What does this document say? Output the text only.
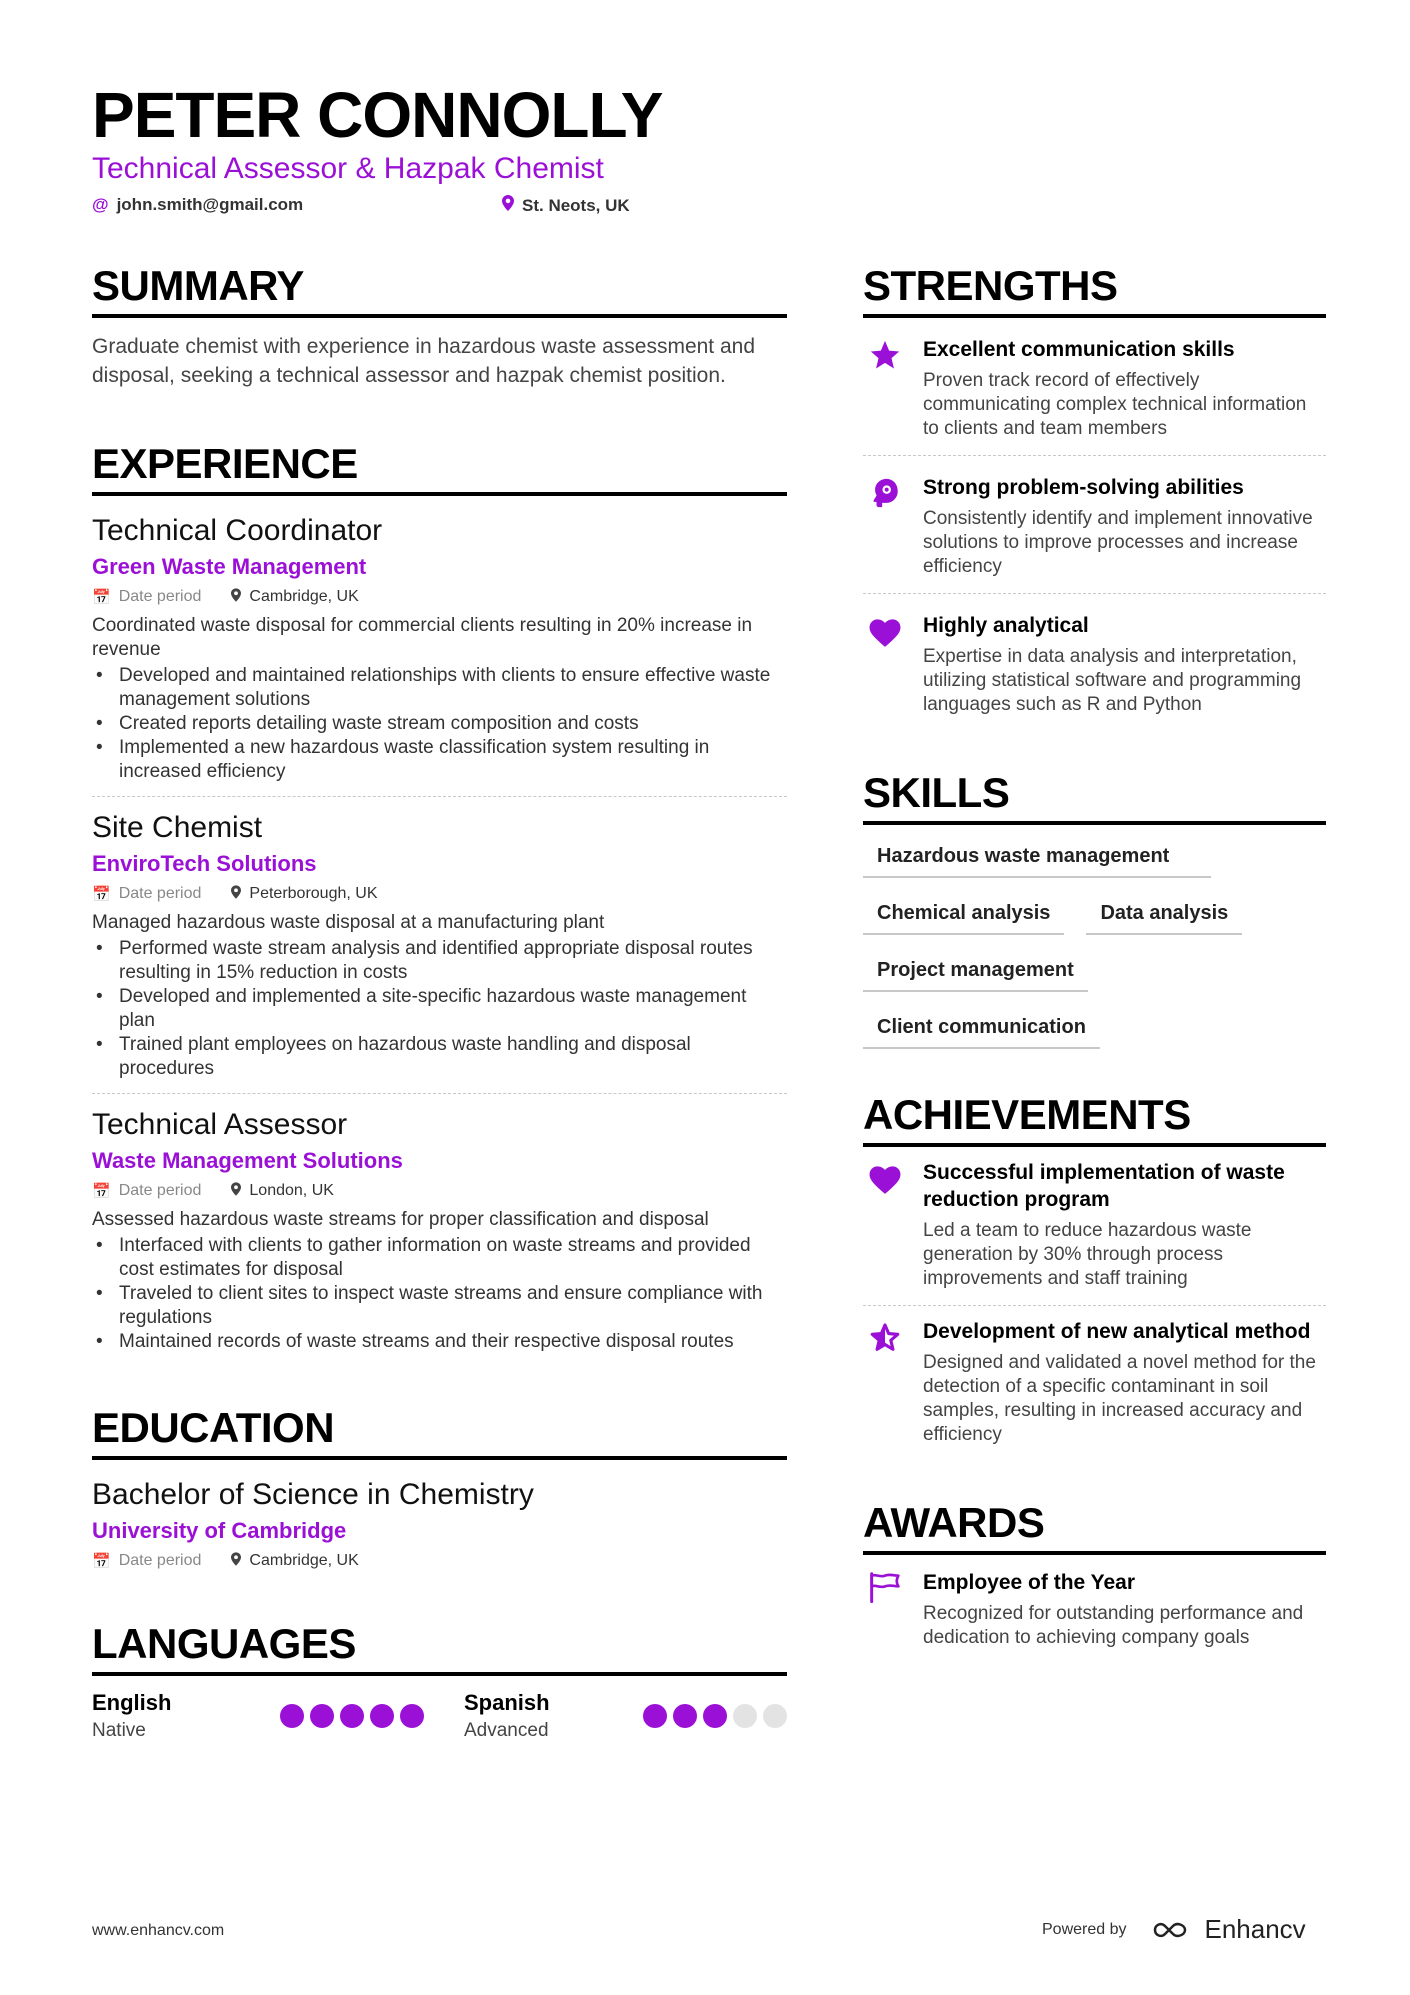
PETER CONNOLLY
Technical Assessor & Hazpak Chemist
@ john.smith@gmail.com	St. Neots, UK
SUMMARY
Graduate chemist with experience in hazardous waste assessment and disposal, seeking a technical assessor and hazpak chemist position.
EXPERIENCE
Technical Coordinator
Green Waste Management
📅 Date period	Cambridge, UK
Coordinated waste disposal for commercial clients resulting in 20% increase in revenue
• Developed and maintained relationships with clients to ensure effective waste management solutions
• Created reports detailing waste stream composition and costs
• Implemented a new hazardous waste classification system resulting in increased efficiency
Site Chemist
EnviroTech Solutions
📅 Date period	Peterborough, UK
Managed hazardous waste disposal at a manufacturing plant
• Performed waste stream analysis and identified appropriate disposal routes resulting in 15% reduction in costs
• Developed and implemented a site-specific hazardous waste management plan
• Trained plant employees on hazardous waste handling and disposal procedures
Technical Assessor
Waste Management Solutions
📅 Date period	London, UK
Assessed hazardous waste streams for proper classification and disposal
• Interfaced with clients to gather information on waste streams and provided cost estimates for disposal
• Traveled to client sites to inspect waste streams and ensure compliance with regulations
• Maintained records of waste streams and their respective disposal routes
EDUCATION
Bachelor of Science in Chemistry
University of Cambridge
📅 Date period	Cambridge, UK
LANGUAGES
English
Native
Spanish
Advanced
STRENGTHS
Excellent communication skills
Proven track record of effectively communicating complex technical information to clients and team members
Strong problem-solving abilities
Consistently identify and implement innovative solutions to improve processes and increase efficiency
Highly analytical
Expertise in data analysis and interpretation, utilizing statistical software and programming languages such as R and Python
SKILLS
Hazardous waste management
Chemical analysis	Data analysis
Project management
Client communication
ACHIEVEMENTS
Successful implementation of waste reduction program
Led a team to reduce hazardous waste generation by 30% through process improvements and staff training
Development of new analytical method
Designed and validated a novel method for the detection of a specific contaminant in soil samples, resulting in increased accuracy and efficiency
AWARDS
Employee of the Year
Recognized for outstanding performance and dedication to achieving company goals
www.enhancv.com	Powered by	Enhancv
